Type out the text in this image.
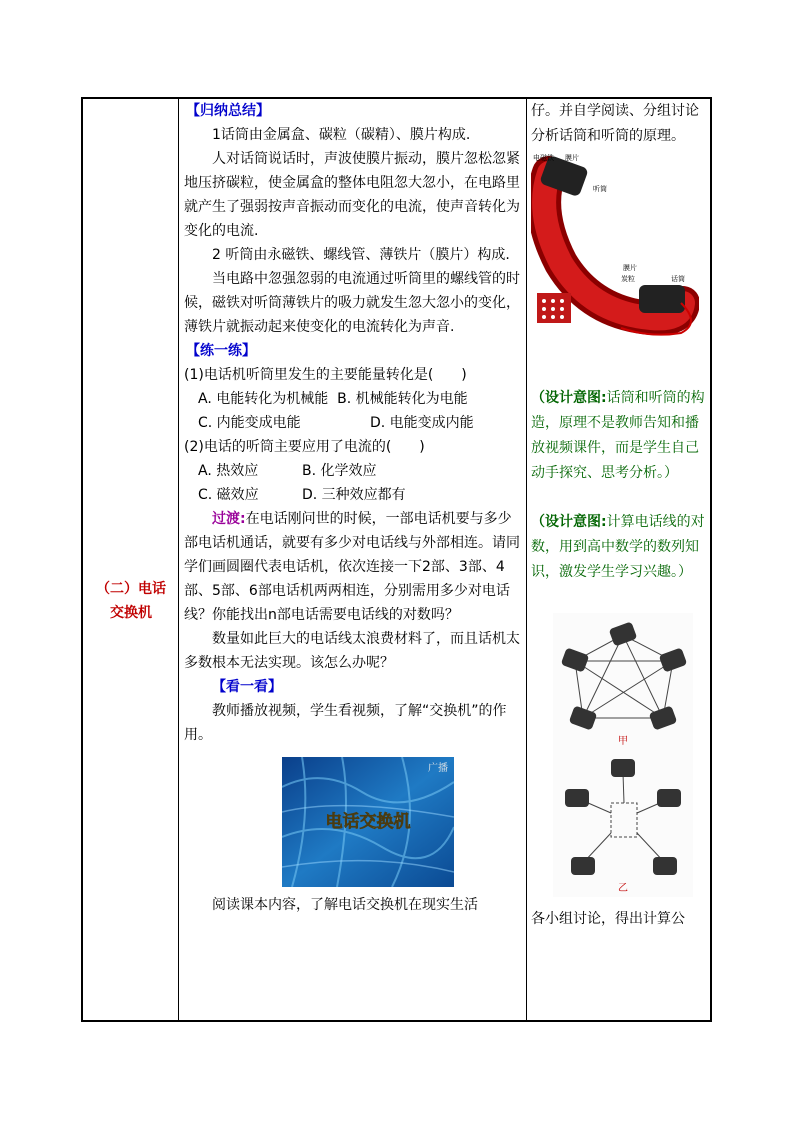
（二）电话
交换机

【归纳总结】

1话筒由金属盒、碳粒（碳精）、膜片构成.

人对话筒说话时，声波使膜片振动，膜片忽松忽紧地压挤碳粒，使金属盒的整体电阻忽大忽小，在电路里就产生了强弱按声音振动而变化的电流，使声音转化为变化的电流.

2 听筒由永磁铁、螺线管、薄铁片（膜片）构成.

当电路中忽强忽弱的电流通过听筒里的螺线管的时候，磁铁对听筒薄铁片的吸力就发生忽大忽小的变化，薄铁片就振动起来使变化的电流转化为声音.

【练一练】

(1)电话机听筒里发生的主要能量转化是(　　)

A. 电能转化为机械能 B. 机械能转化为电能
C. 内能变成电能	D. 电能变成内能

(2)电话的听筒主要应用了电流的(　　)

A. 热效应	B. 化学效应
C. 磁效应	D. 三种效应都有

过渡:在电话刚问世的时候，一部电话机要与多少部电话机通话，就要有多少对电话线与外部相连。请同学们画圆圈代表电话机，依次连接一下2部、3部、4部、5部、6部电话机两两相连，分别需用多少对电话线？你能找出n部电话需要电话线的对数吗？

数量如此巨大的电话线太浪费材料了，而且话机太多数根本无法实现。该怎么办呢？

【看一看】

教师播放视频，学生看视频，了解“交换机”的作用。

电话交换机
广播

阅读课本内容，了解电话交换机在现实生活

仔。并自学阅读、分组讨论分析话筒和听筒的原理。

电磁铁 膜片
听筒
膜片
炭粒	话筒

（设计意图:话筒和听筒的构造，原理不是教师告知和播放视频课件，而是学生自己动手探究、思考分析。）

（设计意图:计算电话线的对数，用到高中数学的数列知识，激发学生学习兴趣。）

甲
乙

各小组讨论，得出计算公
